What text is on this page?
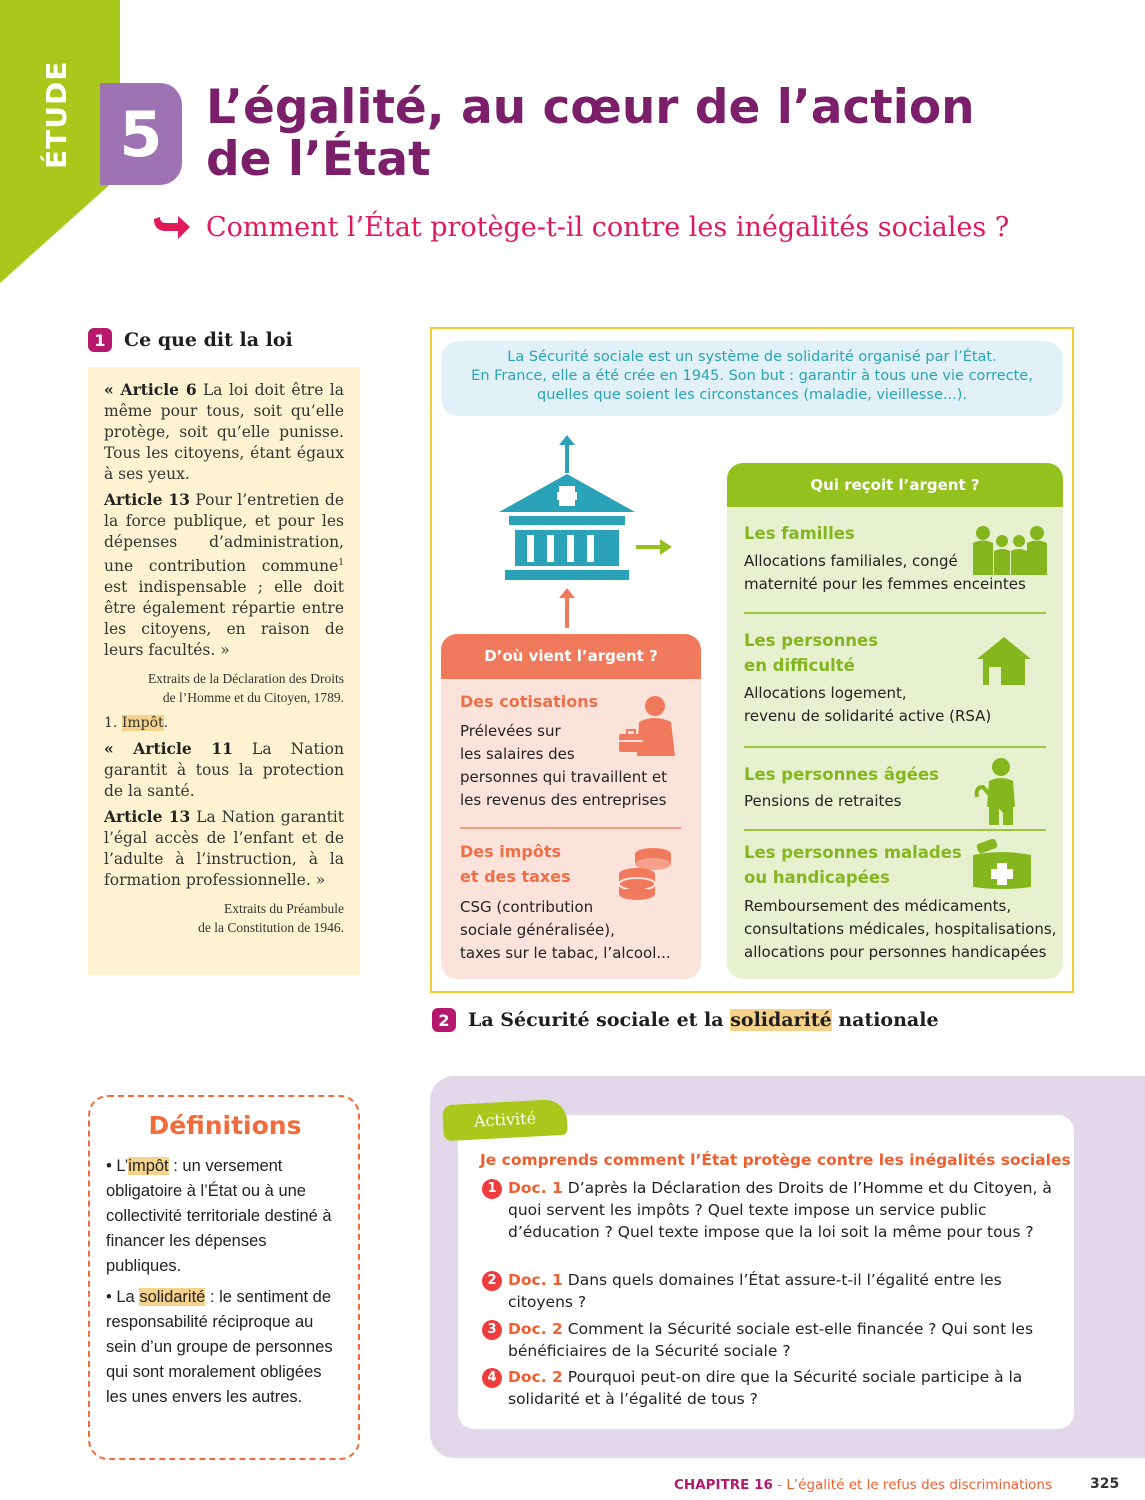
ÉTUDE 5 L’égalité, au cœur de l’action
de l’État
Comment l’État protège-t-il contre les inégalités sociales ?
1 Ce que dit la loi

« Article 6 La loi doit être la même pour tous, soit qu’elle protège, soit qu’elle punisse. Tous les citoyens, étant égaux à ses yeux.

Article 13 Pour l’entretien de la force publique, et pour les dépenses d’administration, une contribution commune$^1$ est indispensable ; elle doit être également répartie entre les citoyens, en raison de leurs facultés. »

Extraits de la Déclaration des Droits
de l’Homme et du Citoyen, 1789.

1. Impôt.

« Article 11 La Nation garantit à tous la protection de la santé.

Article 13 La Nation garantit l’égal accès de l’enfant et de l’adulte à l’instruction, à la formation professionnelle. »

Extraits du Préambule
de la Constitution de 1946.

La Sécurité sociale est un système de solidarité organisé par l’État.
En France, elle a été crée en 1945. Son but : garantir à tous une vie correcte,
quelles que soient les circonstances (maladie, vieillesse...).
D’où vient l’argent ?
Des cotisations
Prélevées sur
les salaires des
personnes qui travaillent et
les revenus des entreprises
Des impôts
et des taxes
CSG (contribution
sociale généralisée),
taxes sur le tabac, l’alcool...
Qui reçoit l’argent ?
Les familles
Allocations familiales, congé
maternité pour les femmes enceintes
Les personnes
en difficulté
Allocations logement,
revenu de solidarité active (RSA)
Les personnes âgées
Pensions de retraites
Les personnes malades
ou handicapées
Remboursement des médicaments,
consultations médicales, hospitalisations,
allocations pour personnes handicapées
2 La Sécurité sociale et la solidarité nationale
Définitions

• L’impôt : un versement obligatoire à l’État ou à une collectivité territoriale destiné à financer les dépenses publiques.

• La solidarité : le sentiment de responsabilité réciproque au sein d’un groupe de personnes qui sont moralement obligées les unes envers les autres.

Activité
Je comprends comment l’État protège contre les inégalités sociales
1 Doc. 1 D’après la Déclaration des Droits de l’Homme et du Citoyen, à quoi servent les impôts ? Quel texte impose un service public d’éducation ? Quel texte impose que la loi soit la même pour tous ?
2 Doc. 1 Dans quels domaines l’État assure-t-il l’égalité entre les citoyens ?
3 Doc. 2 Comment la Sécurité sociale est-elle financée ? Qui sont les bénéficiaires de la Sécurité sociale ?
4 Doc. 2 Pourquoi peut-on dire que la Sécurité sociale participe à la solidarité et à l’égalité de tous ?
CHAPITRE 16 - L’égalité et le refus des discriminations	325
